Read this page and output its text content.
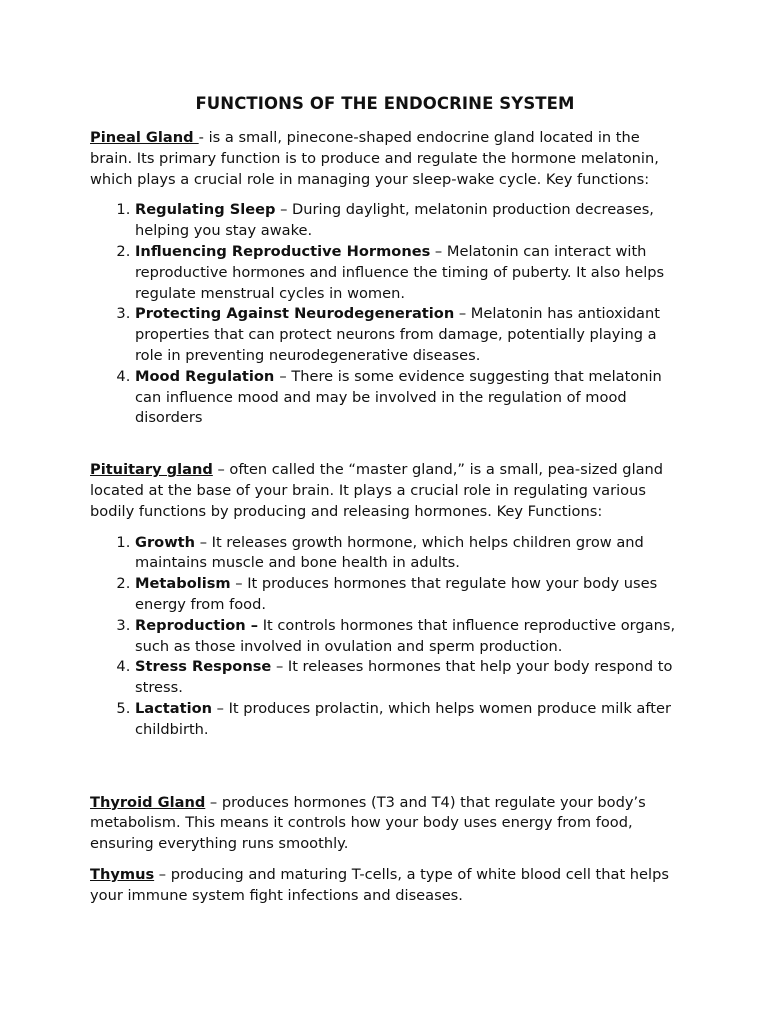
FUNCTIONS OF THE ENDOCRINE SYSTEM

Pineal Gland - is a small, pinecone-shaped endocrine gland located in the brain. Its primary function is to produce and regulate the hormone melatonin, which plays a crucial role in managing your sleep-wake cycle. Key functions:

1. Regulating Sleep – During daylight, melatonin production decreases, helping you stay awake.
2. Influencing Reproductive Hormones – Melatonin can interact with reproductive hormones and influence the timing of puberty. It also helps regulate menstrual cycles in women.
3. Protecting Against Neurodegeneration – Melatonin has antioxidant properties that can protect neurons from damage, potentially playing a role in preventing neurodegenerative diseases.
4. Mood Regulation – There is some evidence suggesting that melatonin can influence mood and may be involved in the regulation of mood disorders

Pituitary gland – often called the “master gland,” is a small, pea-sized gland located at the base of your brain. It plays a crucial role in regulating various bodily functions by producing and releasing hormones. Key Functions:

1. Growth – It releases growth hormone, which helps children grow and maintains muscle and bone health in adults.
2. Metabolism – It produces hormones that regulate how your body uses energy from food.
3. Reproduction – It controls hormones that influence reproductive organs, such as those involved in ovulation and sperm production.
4. Stress Response – It releases hormones that help your body respond to stress.
5. Lactation – It produces prolactin, which helps women produce milk after childbirth.

Thyroid Gland – produces hormones (T3 and T4) that regulate your body’s metabolism. This means it controls how your body uses energy from food, ensuring everything runs smoothly.

Thymus – producing and maturing T-cells, a type of white blood cell that helps your immune system fight infections and diseases.
